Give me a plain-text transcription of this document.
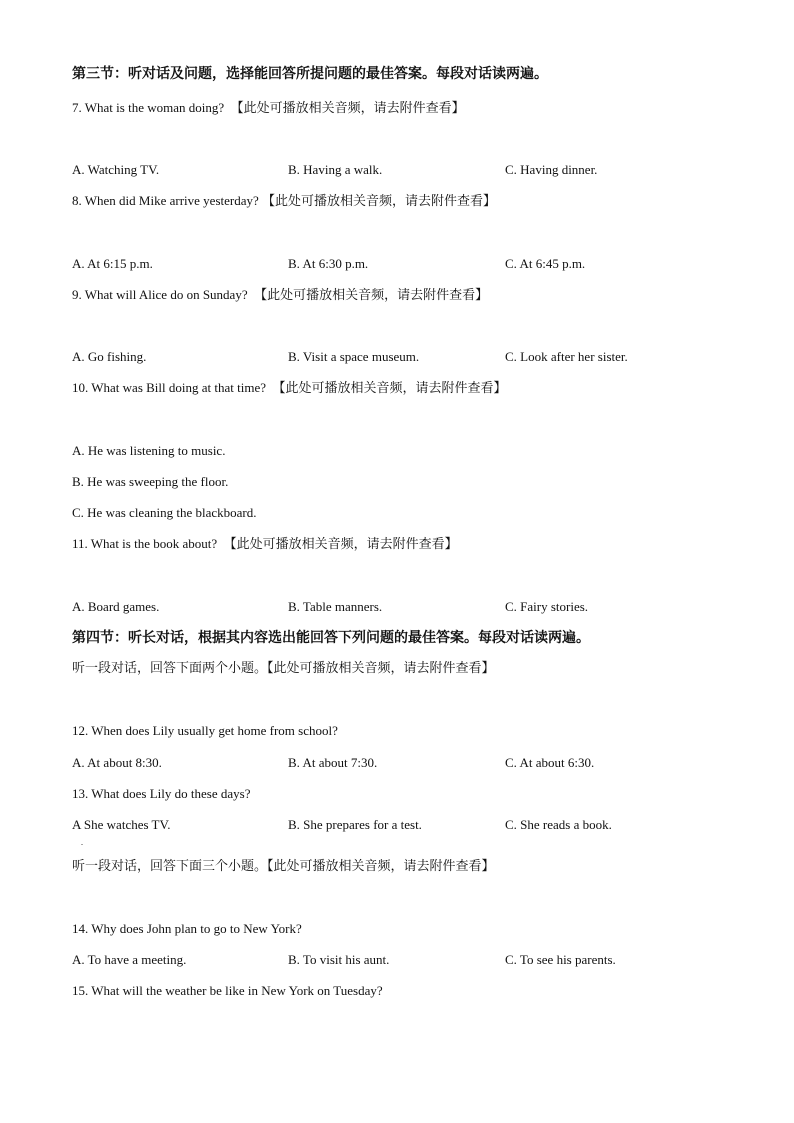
第三节：听对话及问题，选择能回答所提问题的最佳答案。每段对话读两遍。
7. What is the woman doing? 【此处可播放相关音频，请去附件查看】
A. Watching TV.	B. Having a walk.	C. Having dinner.
8. When did Mike arrive yesterday? 【此处可播放相关音频，请去附件查看】
A. At 6:15 p.m.	B. At 6:30 p.m.	C. At 6:45 p.m.
9. What will Alice do on Sunday? 【此处可播放相关音频，请去附件查看】
A. Go fishing.	B. Visit a space museum.	C. Look after her sister.
10. What was Bill doing at that time? 【此处可播放相关音频，请去附件查看】
A. He was listening to music.
B. He was sweeping the floor.
C. He was cleaning the blackboard.
11. What is the book about? 【此处可播放相关音频，请去附件查看】
A. Board games.	B. Table manners.	C. Fairy stories.
第四节：听长对话，根据其内容选出能回答下列问题的最佳答案。每段对话读两遍。
听一段对话，回答下面两个小题。【此处可播放相关音频，请去附件查看】
12. When does Lily usually get home from school?
A. At about 8:30.	B. At about 7:30.	C. At about 6:30.
13. What does Lily do these days?
A She watches TV.	B. She prepares for a test.	C. She reads a book.
.
听一段对话，回答下面三个小题。【此处可播放相关音频，请去附件查看】
14. Why does John plan to go to New York?
A. To have a meeting.	B. To visit his aunt.	C. To see his parents.
15. What will the weather be like in New York on Tuesday?
